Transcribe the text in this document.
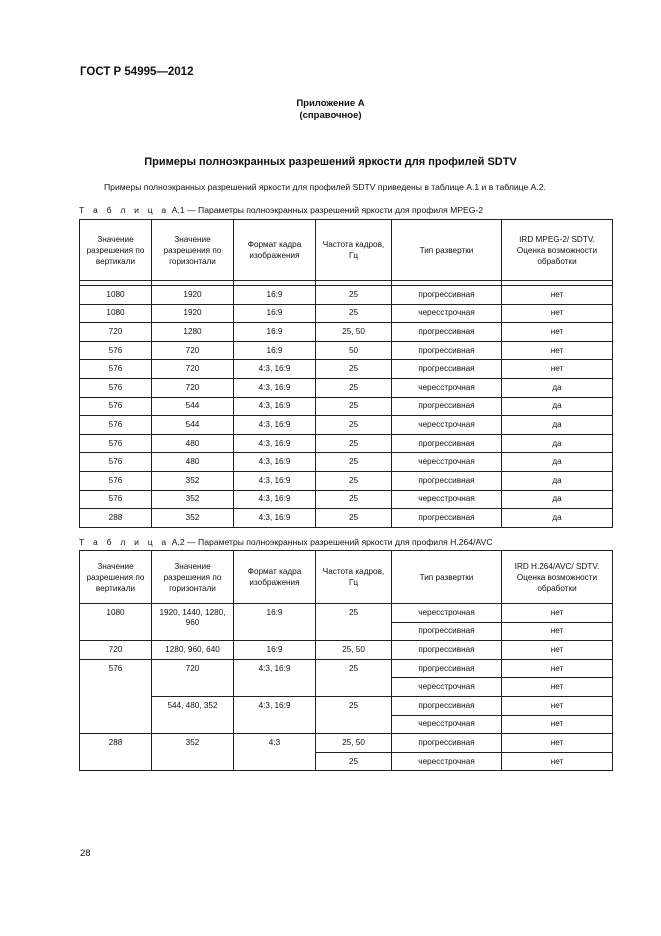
ГОСТ Р 54995—2012
Приложение А
(справочное)
Примеры полноэкранных разрешений яркости для профилей SDTV
Примеры полноэкранных разрешений яркости для профилей SDTV приведены в таблице А.1 и в таблице А.2.
Т а б л и ц а А.1 — Параметры полноэкранных разрешений яркости для профиля MPEG-2
Значение разрешения по вертикали	Значение разрешения по горизонтали	Формат кадра изображения	Частота кадров, Гц	Тип развертки	IRD MPEG-2/ SDTV. Оценка возможности обработки

1080	1920	16:9	25	прогрессивная	нет
1080	1920	16:9	25	чересстрочная	нет
720	1280	16:9	25, 50	прогрессивная	нет
576	720	16:9	50	прогрессивная	нет
576	720	4:3, 16:9	25	прогрессивная	нет
576	720	4:3, 16:9	25	чересстрочная	да
576	544	4:3, 16:9	25	прогрессивная	да
576	544	4:3, 16:9	25	чересстрочная	да
576	480	4:3, 16:9	25	прогрессивная	да
576	480	4:3, 16:9	25	чересстрочная	да
576	352	4:3, 16:9	25	прогрессивная	да
576	352	4:3, 16:9	25	чересстрочная	да
288	352	4:3, 16:9	25	прогрессивная	да
Т а б л и ц а А.2 — Параметры полноэкранных разрешений яркости для профиля H.264/AVC
Значение разрешения по вертикали	Значение разрешения по горизонтали	Формат кадра изображения	Частота кадров, Гц	Тип развертки	IRD H.264/AVC/ SDTV. Оценка возможности обработки
1080	1920, 1440, 1280, 960	16:9	25	чересстрочная	нет
				прогрессивная	нет
720	1280, 960, 640	16:9	25, 50	прогрессивная	нет
576	720	4:3, 16:9	25	прогрессивная	нет
				чересстрочная	нет
	544, 480, 352	4:3, 16:9	25	прогрессивная	нет
				чересстрочная	нет
288	352	4:3	25, 50	прогрессивная	нет
			25	чересстрочная	нет
28
